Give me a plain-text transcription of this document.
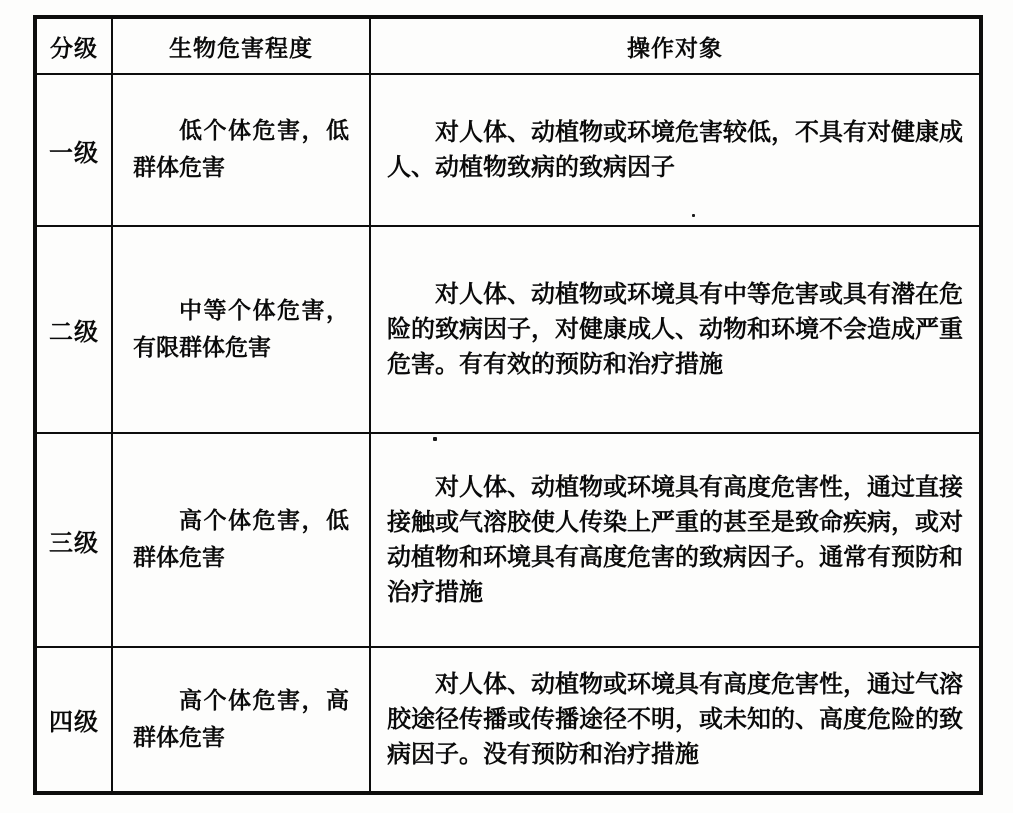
分级	生物危害程度	操作对象
一级	低个体危害，低群体危害	对人体、动植物或环境危害较低，不具有对健康成人、动植物致病的致病因子

二级	中等个体危害，有限群体危害	对人体、动植物或环境具有中等危害或具有潜在危险的致病因子，对健康成人、动物和环境不会造成严重危害。有有效的预防和治疗措施

三级	高个体危害，低群体危害	对人体、动植物或环境具有高度危害性，通过直接接触或气溶胶使人传染上严重的甚至是致命疾病，或对动植物和环境具有高度危害的致病因子。通常有预防和治疗措施

四级	高个体危害，高群体危害	对人体、动植物或环境具有高度危害性，通过气溶胶途径传播或传播途径不明，或未知的、高度危险的致病因子。没有预防和治疗措施
